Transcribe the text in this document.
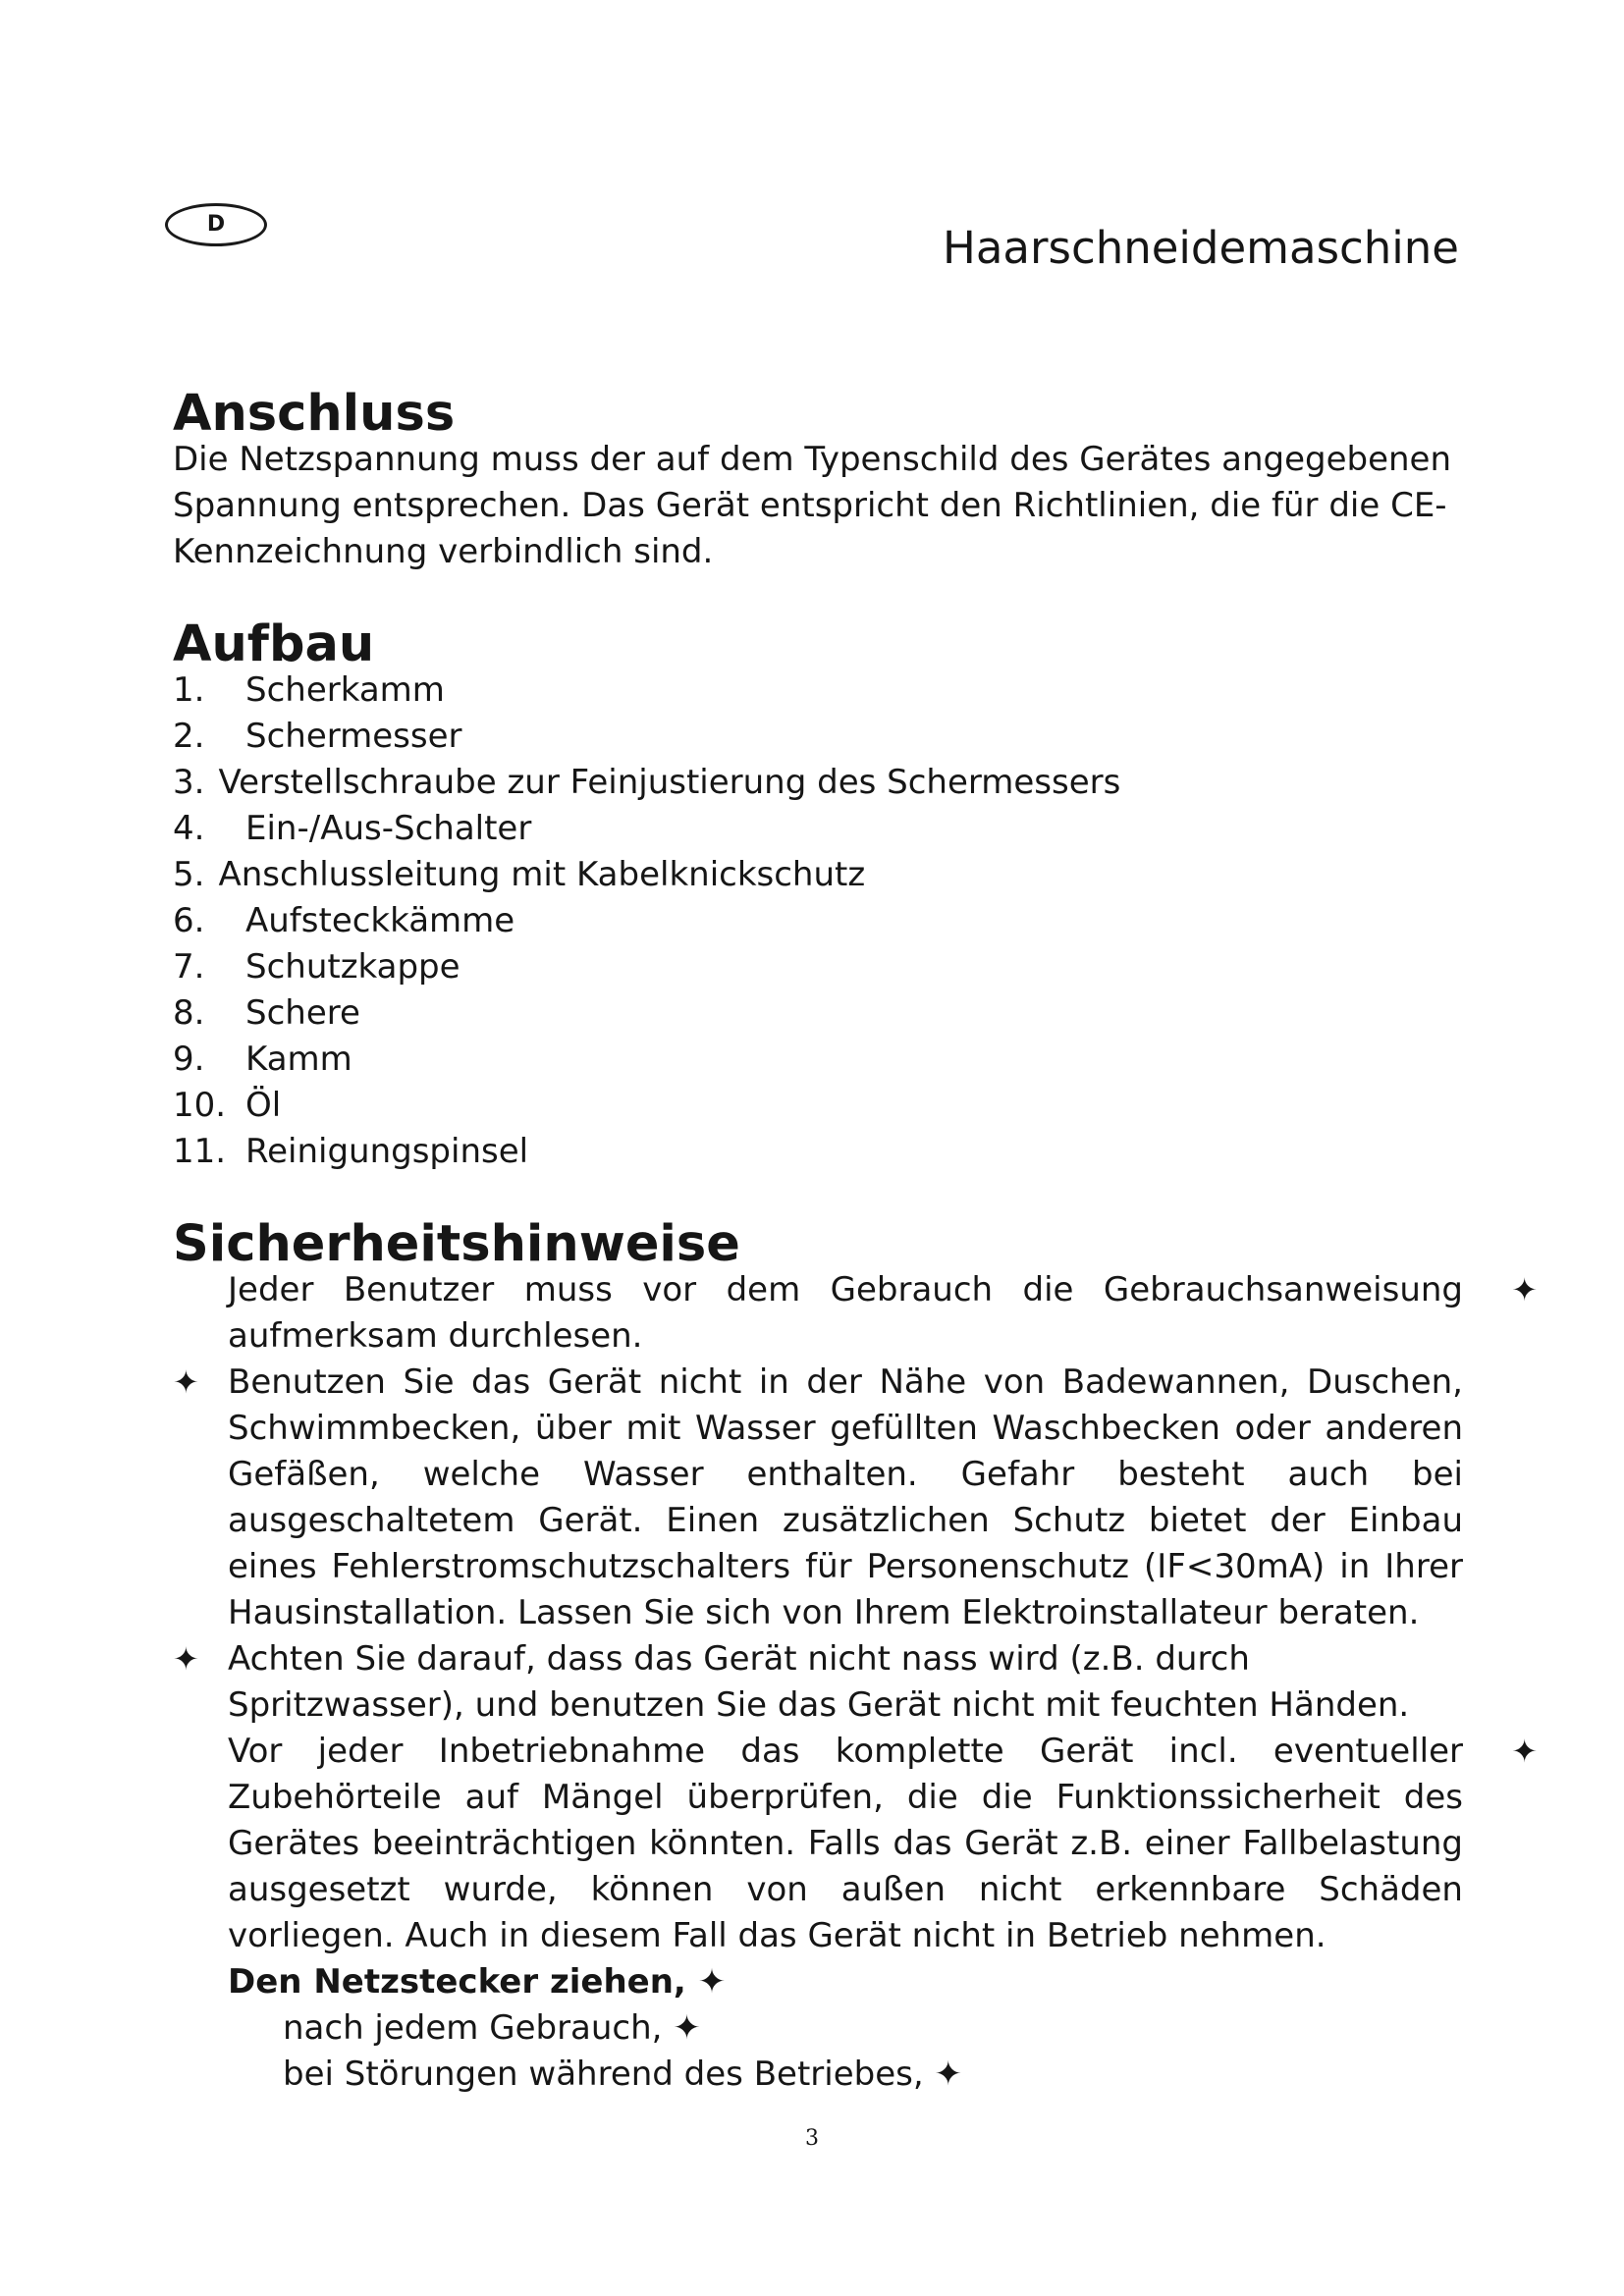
D	Haarschneidemaschine
Anschluss

Die Netzspannung muss der auf dem Typenschild des Gerätes angegebenen Spannung entsprechen. Das Gerät entspricht den Richtlinien, die für die CE-Kennzeichnung verbindlich sind.

Aufbau
1.	Scherkamm
2.	Schermesser
3. Verstellschraube zur Feinjustierung des Schermessers
4.	Ein-/Aus-Schalter
5. Anschlussleitung mit Kabelknickschutz
6.	Aufsteckkämme
7.	Schutzkappe
8.	Schere
9.	Kamm
10. Öl
11. Reinigungspinsel
Sicherheitshinweise
Jeder Benutzer muss vor dem Gebrauch die Gebrauchsanweisung aufmerksam durchlesen.
✦
✦ Benutzen Sie das Gerät nicht in der Nähe von Badewannen, Duschen, Schwimmbecken, über mit Wasser gefüllten Waschbecken oder anderen Gefäßen, welche Wasser enthalten. Gefahr besteht auch bei ausgeschaltetem Gerät. Einen zusätzlichen Schutz bietet der Einbau eines Fehlerstromschutzschalters für Personenschutz (IF<30mA) in Ihrer Hausinstallation. Lassen Sie sich von Ihrem Elektroinstallateur beraten.
✦ Achten Sie darauf, dass das Gerät nicht nass wird (z.B. durch Spritzwasser), und benutzen Sie das Gerät nicht mit feuchten Händen.
Vor jeder Inbetriebnahme das komplette Gerät incl. eventueller Zubehörteile auf Mängel überprüfen, die die Funktionssicherheit des Gerätes beeinträchtigen könnten. Falls das Gerät z.B. einer Fallbelastung ausgesetzt wurde, können von außen nicht erkennbare Schäden vorliegen. Auch in diesem Fall das Gerät nicht in Betrieb nehmen.
✦
Den Netzstecker ziehen, ✦
nach jedem Gebrauch, ✦
bei Störungen während des Betriebes, ✦
3
